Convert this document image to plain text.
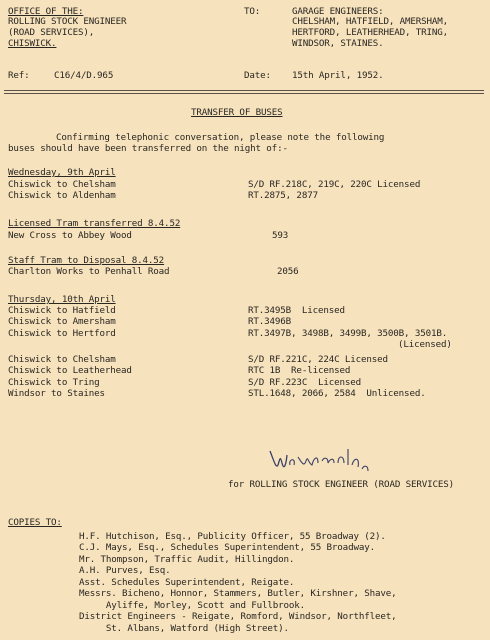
OFFICE OF THE:
ROLLING STOCK ENGINEER
(ROAD SERVICES),
CHISWICK.
TO:	GARAGE ENGINEERS:
CHELSHAM, HATFIELD, AMERSHAM,
HERTFORD, LEATHERHEAD, TRING,
WINDSOR, STAINES.
Ref:	C16/4/D.965	Date: 15th April, 1952.
TRANSFER OF BUSES
Confirming telephonic conversation, please note the following
buses should have been transferred on the night of:-
Wednesday, 9th April
Chiswick to Chelsham	S/D RF.218C, 219C, 220C Licensed
Chiswick to Aldenham	RT.2875, 2877
Licensed Tram transferred 8.4.52
New Cross to Abbey Wood	593
Staff Tram to Disposal 8.4.52
Charlton Works to Penhall Road	2056
Thursday, 10th April
Chiswick to Hatfield	RT.3495B  Licensed
Chiswick to Amersham	RT.3496B
Chiswick to Hertford	RT.3497B, 3498B, 3499B, 3500B, 3501B.
(Licensed)
Chiswick to Chelsham	S/D RF.221C, 224C Licensed
Chiswick to Leatherhead	RTC 1B  Re-licensed
Chiswick to Tring	S/D RF.223C  Licensed
Windsor to Staines	STL.1648, 2066, 2584  Unlicensed.
for ROLLING STOCK ENGINEER (ROAD SERVICES)
COPIES TO:
H.F. Hutchison, Esq., Publicity Officer, 55 Broadway (2).
C.J. Mays, Esq., Schedules Superintendent, 55 Broadway.
Mr. Thompson, Traffic Audit, Hillingdon.
A.H. Purves, Esq.
Asst. Schedules Superintendent, Reigate.
Messrs. Bicheno, Honnor, Stammers, Butler, Kirshner, Shave,
Ayliffe, Morley, Scott and Fullbrook.
District Engineers - Reigate, Romford, Windsor, Northfleet,
St. Albans, Watford (High Street).
